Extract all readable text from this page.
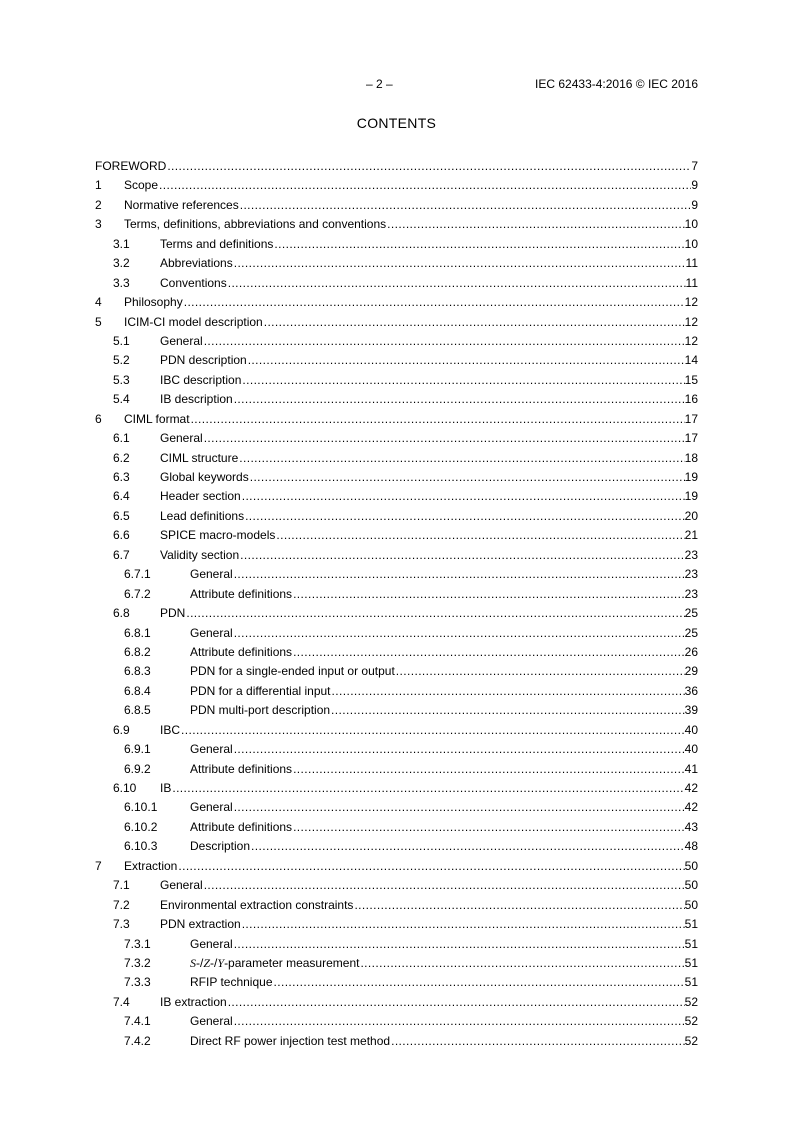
– 2 –	IEC 62433-4:2016 © IEC 2016
CONTENTS
FOREWORD .....	7
1	Scope .....	9
2	Normative references .....	9
3	Terms, definitions, abbreviations and conventions .....	10
3.1	Terms and definitions .....	10
3.2	Abbreviations .....	11
3.3	Conventions .....	11
4	Philosophy .....	12
5	ICIM-CI model description .....	12
5.1	General .....	12
5.2	PDN description .....	14
5.3	IBC description .....	15
5.4	IB description .....	16
6	CIML format .....	17
6.1	General .....	17
6.2	CIML structure .....	18
6.3	Global keywords .....	19
6.4	Header section .....	19
6.5	Lead definitions .....	20
6.6	SPICE macro-models .....	21
6.7	Validity section .....	23
6.7.1	General .....	23
6.7.2	Attribute definitions .....	23
6.8	PDN .....	25
6.8.1	General .....	25
6.8.2	Attribute definitions .....	26
6.8.3	PDN for a single-ended input or output .....	29
6.8.4	PDN for a differential input .....	36
6.8.5	PDN multi-port description .....	39
6.9	IBC .....	40
6.9.1	General .....	40
6.9.2	Attribute definitions .....	41
6.10	IB .....	42
6.10.1	General .....	42
6.10.2	Attribute definitions .....	43
6.10.3	Description .....	48
7	Extraction .....	50
7.1	General .....	50
7.2	Environmental extraction constraints .....	50
7.3	PDN extraction .....	51
7.3.1	General .....	51
7.3.2	S-/Z-/Y-parameter measurement .....	51
7.3.3	RFIP technique .....	51
7.4	IB extraction .....	52
7.4.1	General .....	52
7.4.2	Direct RF power injection test method .....	52
